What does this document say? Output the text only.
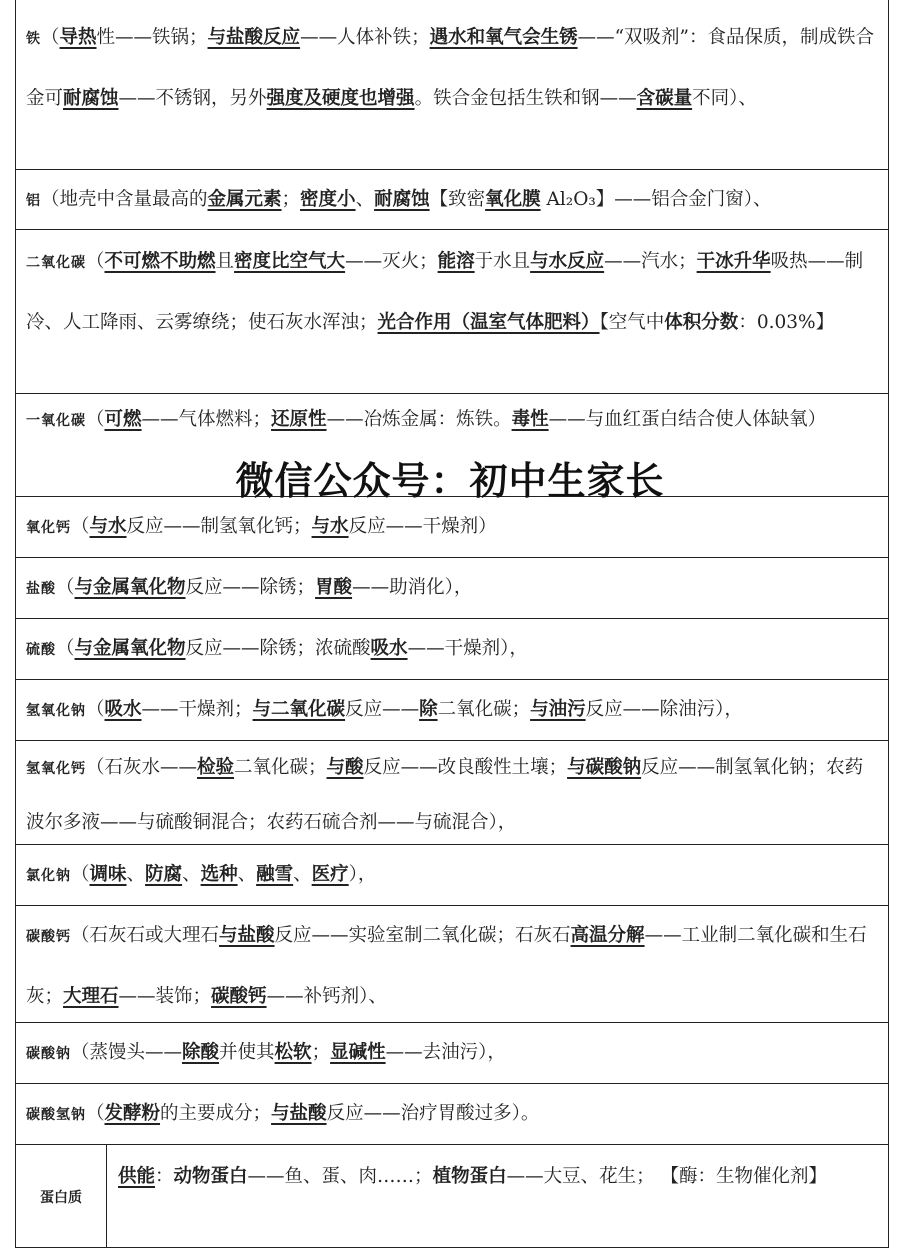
铁（导热性——铁锅；与盐酸反应——人体补铁；遇水和氧气会生锈——“双吸剂”：食品保质，制成铁合金可耐腐蚀——不锈钢，另外强度及硬度也增强。铁合金包括生铁和钢——含碳量不同）、
铝（地壳中含量最高的金属元素；密度小、耐腐蚀【致密氧化膜 Al₂O₃】——铝合金门窗）、
二氧化碳（不可燃不助燃且密度比空气大——灭火；能溶于水且与水反应——汽水；干冰升华吸热——制冷、人工降雨、云雾缭绕；使石灰水浑浊；光合作用（温室气体肥料）【空气中体积分数：0.03%】
一氧化碳（可燃——气体燃料；还原性——冶炼金属：炼铁。毒性——与血红蛋白结合使人体缺氧）
氧化钙（与水反应——制氢氧化钙；与水反应——干燥剂）
盐酸（与金属氧化物反应——除锈；胃酸——助消化），
硫酸（与金属氧化物反应——除锈；浓硫酸吸水——干燥剂），
氢氧化钠（吸水——干燥剂；与二氧化碳反应——除二氧化碳；与油污反应——除油污），
氢氧化钙（石灰水——检验二氧化碳；与酸反应——改良酸性土壤；与碳酸钠反应——制氢氧化钠；农药波尔多液——与硫酸铜混合；农药石硫合剂——与硫混合），
氯化钠（调味、防腐、选种、融雪、医疗），
碳酸钙（石灰石或大理石与盐酸反应——实验室制二氧化碳；石灰石高温分解——工业制二氧化碳和生石灰；大理石——装饰；碳酸钙——补钙剂）、
碳酸钠（蒸馒头——除酸并使其松软；显碱性——去油污），
碳酸氢钠（发酵粉的主要成分；与盐酸反应——治疗胃酸过多）。
蛋白质
供能：动物蛋白——鱼、蛋、肉……；植物蛋白——大豆、花生； 【酶：生物催化剂】
微信公众号：初中生家长
